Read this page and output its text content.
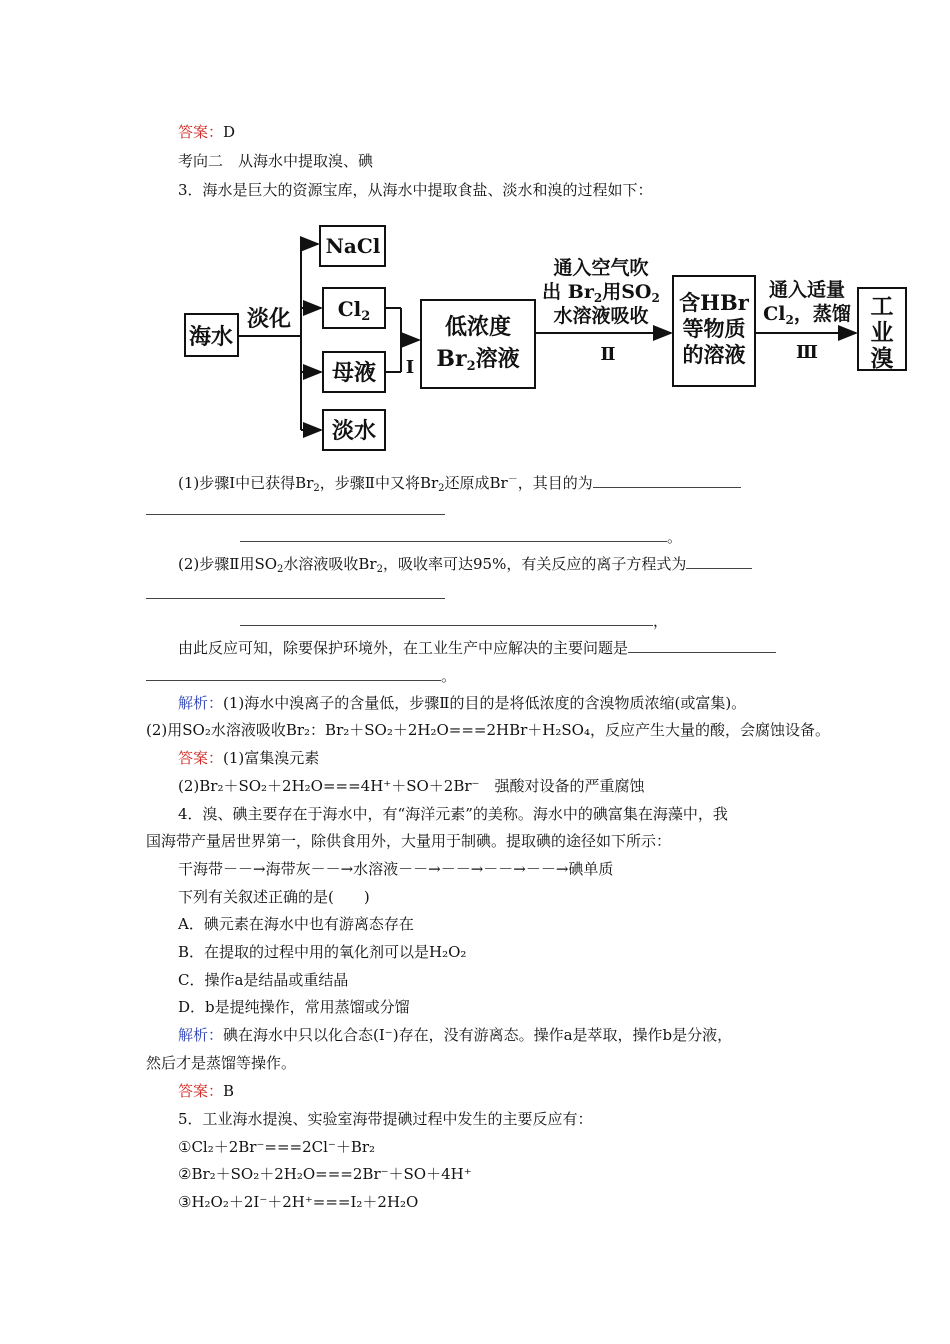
答案：D
考向二　从海水中提取溴、碘
3．海水是巨大的资源宝库，从海水中提取食盐、淡水和溴的过程如下：
海水
淡化
NaCl
$Cl_2$
母液
淡水
Ⅰ
低浓度
Br2溶液
通入空气吹
出 $Br_2$用$SO_2$
水溶液吸收
Ⅱ
含HBr
等物质
的溶液
通入适量
$Cl_2$，蒸馏
Ⅲ
工
业
溴
(1)步骤Ⅰ中已获得$Br_2$，步骤Ⅱ中又将$Br_2$还原成Br－，其目的为
。
(2)步骤Ⅱ用$SO_2$水溶液吸收$Br_2$，吸收率可达95%，有关反应的离子方程式为
，
由此反应可知，除要保护环境外，在工业生产中应解决的主要问题是
。
解析：(1)海水中溴离子的含量低，步骤Ⅱ的目的是将低浓度的含溴物质浓缩(或富集)。
(2)用SO₂水溶液吸收Br₂：Br₂＋SO₂＋2H₂O===2HBr＋H₂SO₄，反应产生大量的酸，会腐蚀设备。
答案：(1)富集溴元素
(2)Br₂＋SO₂＋2H₂O===4H⁺＋SO＋2Br⁻　强酸对设备的严重腐蚀
4．溴、碘主要存在于海水中，有“海洋元素”的美称。海水中的碘富集在海藻中，我
国海带产量居世界第一，除供食用外，大量用于制碘。提取碘的途径如下所示：
干海带－－→海带灰－－→水溶液－－→－－→－－→－－→碘单质
下列有关叙述正确的是(　　)
A．碘元素在海水中也有游离态存在
B．在提取的过程中用的氧化剂可以是H₂O₂
C．操作a是结晶或重结晶
D．b是提纯操作，常用蒸馏或分馏
解析：碘在海水中只以化合态(I⁻)存在，没有游离态。操作a是萃取，操作b是分液，
然后才是蒸馏等操作。
答案：B
5．工业海水提溴、实验室海带提碘过程中发生的主要反应有：
①Cl₂＋2Br⁻===2Cl⁻＋Br₂
②Br₂＋SO₂＋2H₂O===2Br⁻＋SO＋4H⁺
③H₂O₂＋2I⁻＋2H⁺===I₂＋2H₂O
